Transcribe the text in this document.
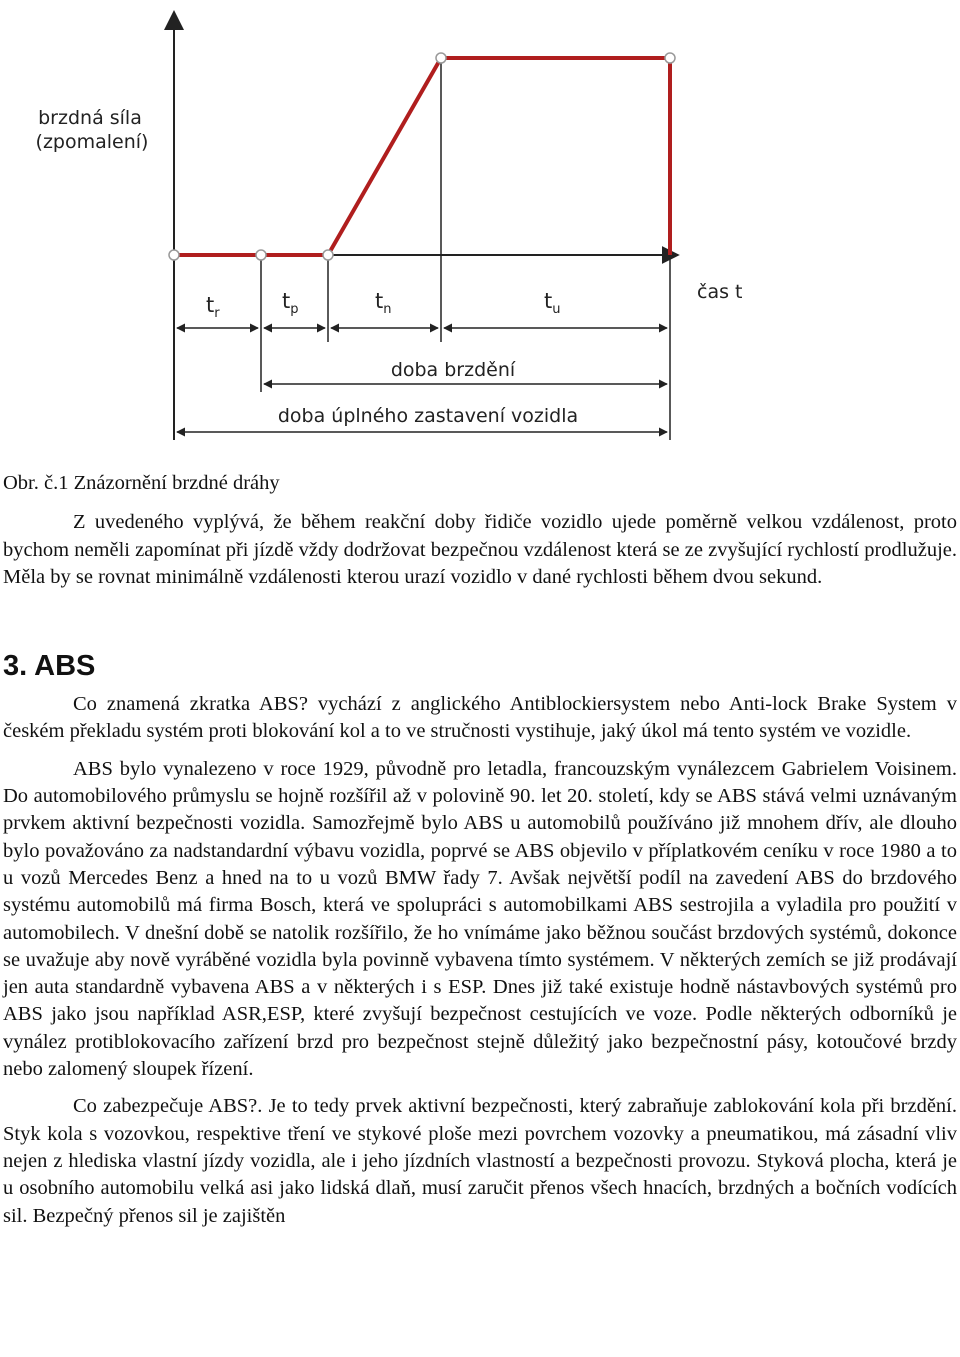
brzdná síla
(zpomalení)
čas t
$t_r$
$t_p$	$t_n$	$t_u$
doba brzdění
doba úplného zastavení vozidla

Obr. č.1 Znázornění brzdné dráhy

Z uvedeného vyplývá, že během reakční doby řidiče vozidlo ujede poměrně velkou vzdálenost, proto bychom neměli zapomínat při jízdě vždy dodržovat bezpečnou vzdálenost která se ze zvyšující rychlostí prodlužuje. Měla by se rovnat minimálně vzdálenosti kterou urazí vozidlo v dané rychlosti během dvou sekund.

3. ABS

Co znamená zkratka ABS? vychází z anglického Antiblockiersystem nebo Anti-lock Brake System v českém překladu systém proti blokování kol a to ve stručnosti vystihuje, jaký úkol má tento systém ve vozidle.

ABS bylo vynalezeno v roce 1929, původně pro letadla, francouzským vynálezcem Gabrielem Voisinem. Do automobilového průmyslu se hojně rozšířil až v polovině 90. let 20. století, kdy se ABS stává velmi uznávaným prvkem aktivní bezpečnosti vozidla. Samozřejmě bylo ABS u automobilů používáno již mnohem dřív, ale dlouho bylo považováno za nadstandardní výbavu vozidla, poprvé se ABS objevilo v příplatkovém ceníku v roce 1980 a to u vozů Mercedes Benz a hned na to u vozů BMW řady 7. Avšak největší podíl na zavedení ABS do brzdového systému automobilů má firma Bosch, která ve spolupráci s automobilkami ABS sestrojila a vyladila pro použití v automobilech. V dnešní době se natolik rozšířilo, že ho vnímáme jako běžnou součást brzdových systémů, dokonce se uvažuje aby nově vyráběné vozidla byla povinně vybavena tímto systémem. V některých zemích se již prodávají jen auta standardně vybavena ABS a v některých i s ESP. Dnes již také existuje hodně nástavbových systémů pro ABS jako jsou například ASR,ESP, které zvyšují bezpečnost cestujících ve voze. Podle některých odborníků je vynález protiblokovacího zařízení brzd pro bezpečnost stejně důležitý jako bezpečnostní pásy, kotoučové brzdy nebo zalomený sloupek řízení.

Co zabezpečuje ABS?. Je to tedy prvek aktivní bezpečnosti, který zabraňuje zablokování kola při brzdění. Styk kola s vozovkou, respektive tření ve stykové ploše mezi povrchem vozovky a pneumatikou, má zásadní vliv nejen z hlediska vlastní jízdy vozidla, ale i jeho jízdních vlastností a bezpečnosti provozu. Styková plocha, která je u osobního automobilu velká asi jako lidská dlaň, musí zaručit přenos všech hnacích, brzdných a bočních vodících sil. Bezpečný přenos sil je zajištěn
